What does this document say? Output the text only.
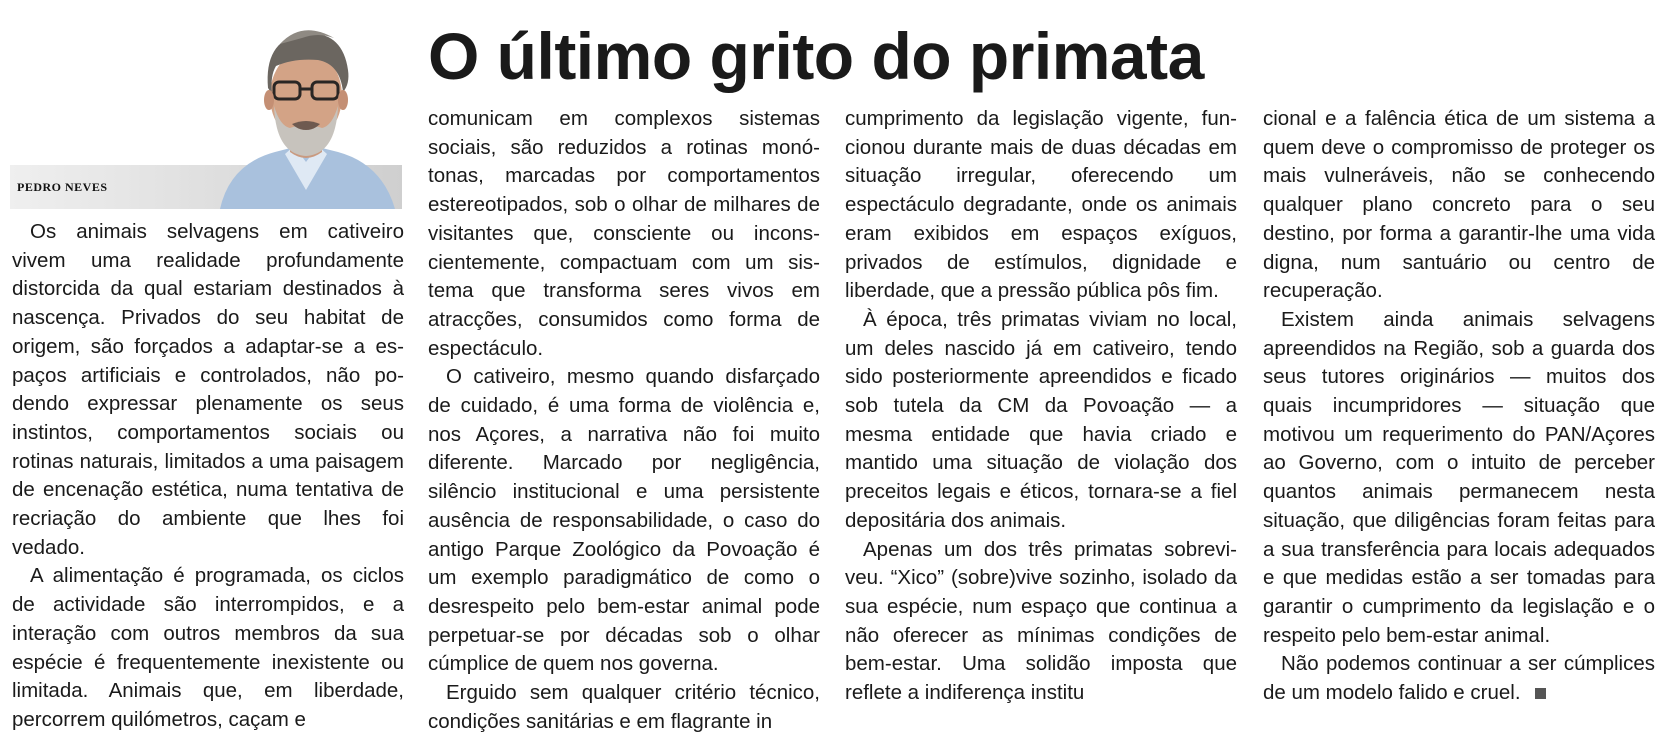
PEDRO NEVES
O último grito do primata

Os animais selvagens em cativeiro vivem uma realidade profundamente distorcida da qual estariam destinados à nascença. Privados do seu habitat de origem, são forçados a adaptar-se a espaços artificiais e controlados, não podendo expressar plenamente os seus instintos, comportamentos sociais ou rotinas naturais, limitados a uma paisagem de encenação estética, numa tentativa de recriação do ambiente que lhes foi vedado.

A alimentação é programada, os ciclos de actividade são interrompidos, e a interação com outros membros da sua espécie é frequentemente inexistente ou limitada. Animais que, em liberdade, percorrem quilómetros, caçam e

comunicam em complexos sistemas sociais, são reduzidos a rotinas monótonas, marcadas por comportamentos estereotipados, sob o olhar de milhares de visitantes que, consciente ou inconscientemente, compactuam com um sistema que transforma seres vivos em atracções, consumidos como forma de espectáculo.

O cativeiro, mesmo quando disfarçado de cuidado, é uma forma de violência e, nos Açores, a narrativa não foi muito diferente. Marcado por negligência, silêncio institucional e uma persistente ausência de responsabilidade, o caso do antigo Parque Zoológico da Povoação é um exemplo paradigmático de como o desrespeito pelo bem-estar animal pode perpetuar-se por décadas sob o olhar cúmplice de quem nos governa.

Erguido sem qualquer critério técnico, condições sanitárias e em flagrante in

cumprimento da legislação vigente, funcionou durante mais de duas décadas em situação irregular, oferecendo um espectáculo degradante, onde os animais eram exibidos em espaços exíguos, privados de estímulos, dignidade e liberdade, que a pressão pública pôs fim.

À época, três primatas viviam no local, um deles nascido já em cativeiro, tendo sido posteriormente apreendidos e ficado sob tutela da CM da Povoação — a mesma entidade que havia criado e mantido uma situação de violação dos preceitos legais e éticos, tornara-se a fiel depositária dos animais.

Apenas um dos três primatas sobreviveu. “Xico” (sobre)vive sozinho, isolado da sua espécie, num espaço que continua a não oferecer as mínimas condições de bem-estar. Uma solidão imposta que reflete a indiferença institu

cional e a falência ética de um sistema a quem deve o compromisso de proteger os mais vulneráveis, não se conhecendo qualquer plano concreto para o seu destino, por forma a garantir-lhe uma vida digna, num santuário ou centro de recuperação.

Existem ainda animais selvagens apreendidos na Região, sob a guarda dos seus tutores originários — muitos dos quais incumpridores — situação que motivou um requerimento do PAN/Açores ao Governo, com o intuito de perceber quantos animais permanecem nesta situação, que diligências foram feitas para a sua transferência para locais adequados e que medidas estão a ser tomadas para garantir o cumprimento da legislação e o respeito pelo bem-estar animal.

Não podemos continuar a ser cúmplices de um modelo falido e cruel.
